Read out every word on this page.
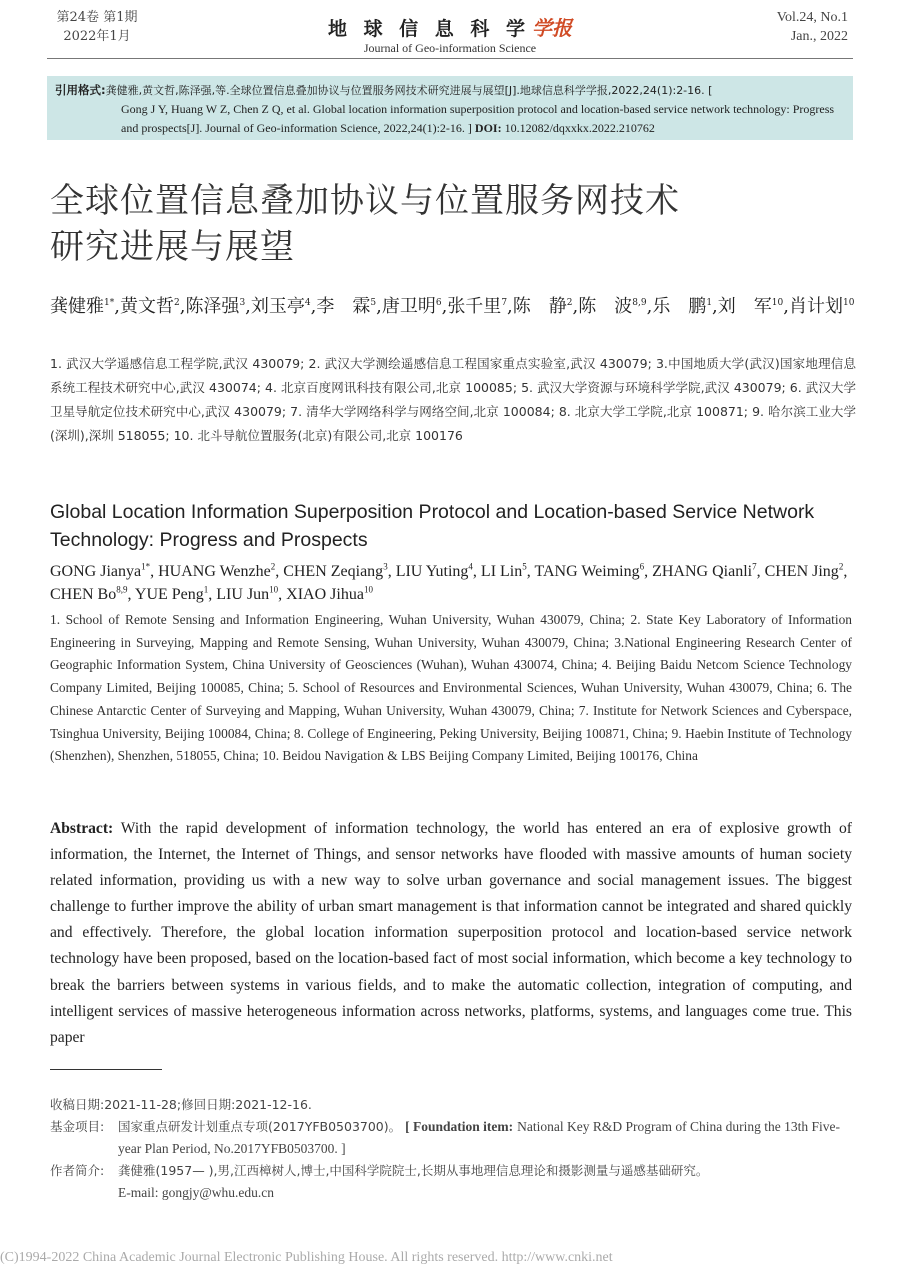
第24卷 第1期
2022年1月	地 球 信 息 科 学 学报
Journal of Geo-information Science
Vol.24, No.1
Jan., 2022
引用格式:龚健雅,黄文哲,陈泽强,等.全球位置信息叠加协议与位置服务网技术研究进展与展望[J].地球信息科学学报,2022,24(1):2-16. [
Gong J Y, Huang W Z, Chen Z Q, et al. Global location information superposition protocol and location-based service network technology: Progress and prospects[J]. Journal of Geo-information Science, 2022,24(1):2-16. ] DOI: 10.12082/dqxxkx.2022.210762
全球位置信息叠加协议与位置服务网技术
研究进展与展望
龚健雅$^{1*}$,黄文哲$^2$,陈泽强$^3$,刘玉亭$^4$,李　霖$^5$,唐卫明$^6$,张千里$^7$,陈　静$^2$,陈　波$^{8,9}$,乐　鹏$^1$,刘　军$^{10}$,肖计划$^{10}$
1. 武汉大学遥感信息工程学院,武汉 430079; 2. 武汉大学测绘遥感信息工程国家重点实验室,武汉 430079; 3.中国地质大学(武汉)国家地理信息系统工程技术研究中心,武汉 430074; 4. 北京百度网讯科技有限公司,北京 100085; 5. 武汉大学资源与环境科学学院,武汉 430079; 6. 武汉大学卫星导航定位技术研究中心,武汉 430079; 7. 清华大学网络科学与网络空间,北京 100084; 8. 北京大学工学院,北京 100871; 9. 哈尔滨工业大学(深圳),深圳 518055; 10. 北斗导航位置服务(北京)有限公司,北京 100176
Global Location Information Superposition Protocol and Location-based Service Network Technology: Progress and Prospects
GONG Jianya$^{1*}$, HUANG Wenzhe$^2$, CHEN Zeqiang$^3$, LIU Yuting$^4$, LI Lin$^5$, TANG Weiming$^6$, ZHANG Qianli$^7$, CHEN Jing$^2$, CHEN Bo$^{8,9}$, YUE Peng$^1$, LIU Jun$^{10}$, XIAO Jihua$^{10}$
1. School of Remote Sensing and Information Engineering, Wuhan University, Wuhan 430079, China; 2. State Key Laboratory of Information Engineering in Surveying, Mapping and Remote Sensing, Wuhan University, Wuhan 430079, China; 3.National Engineering Research Center of Geographic Information System, China University of Geosciences (Wuhan), Wuhan 430074, China; 4. Beijing Baidu Netcom Science Technology Company Limited, Beijing 100085, China; 5. School of Resources and Environmental Sciences, Wuhan University, Wuhan 430079, China; 6. The Chinese Antarctic Center of Surveying and Mapping, Wuhan University, Wuhan 430079, China; 7. Institute for Network Sciences and Cyberspace, Tsinghua University, Beijing 100084, China; 8. College of Engineering, Peking University, Beijing 100871, China; 9. Haebin Institute of Technology (Shenzhen), Shenzhen, 518055, China; 10. Beidou Navigation & LBS Beijing Company Limited, Beijing 100176, China
Abstract: With the rapid development of information technology, the world has entered an era of explosive growth of information, the Internet, the Internet of Things, and sensor networks have flooded with massive amounts of human society related information, providing us with a new way to solve urban governance and social management issues. The biggest challenge to further improve the ability of urban smart management is that information cannot be integrated and shared quickly and effectively. Therefore, the global location information superposition protocol and location-based service network technology have been proposed, based on the location-based fact of most social information, which become a key technology to break the barriers between systems in various fields, and to make the automatic collection, integration of computing, and intelligent services of massive heterogeneous information across networks, platforms, systems, and languages come true. This paper
收稿日期:2021-11-28;修回日期:2021-12-16.
基金项目: 国家重点研发计划重点专项(2017YFB0503700)。 [ Foundation item: National Key R&D Program of China during the 13th Five-year Plan Period, No.2017YFB0503700. ]
作者简介: 龚健雅(1957— ),男,江西樟树人,博士,中国科学院院士,长期从事地理信息理论和摄影测量与遥感基础研究。
E-mail: gongjy@whu.edu.cn
(C)1994-2022 China Academic Journal Electronic Publishing House. All rights reserved. http://www.cnki.net
